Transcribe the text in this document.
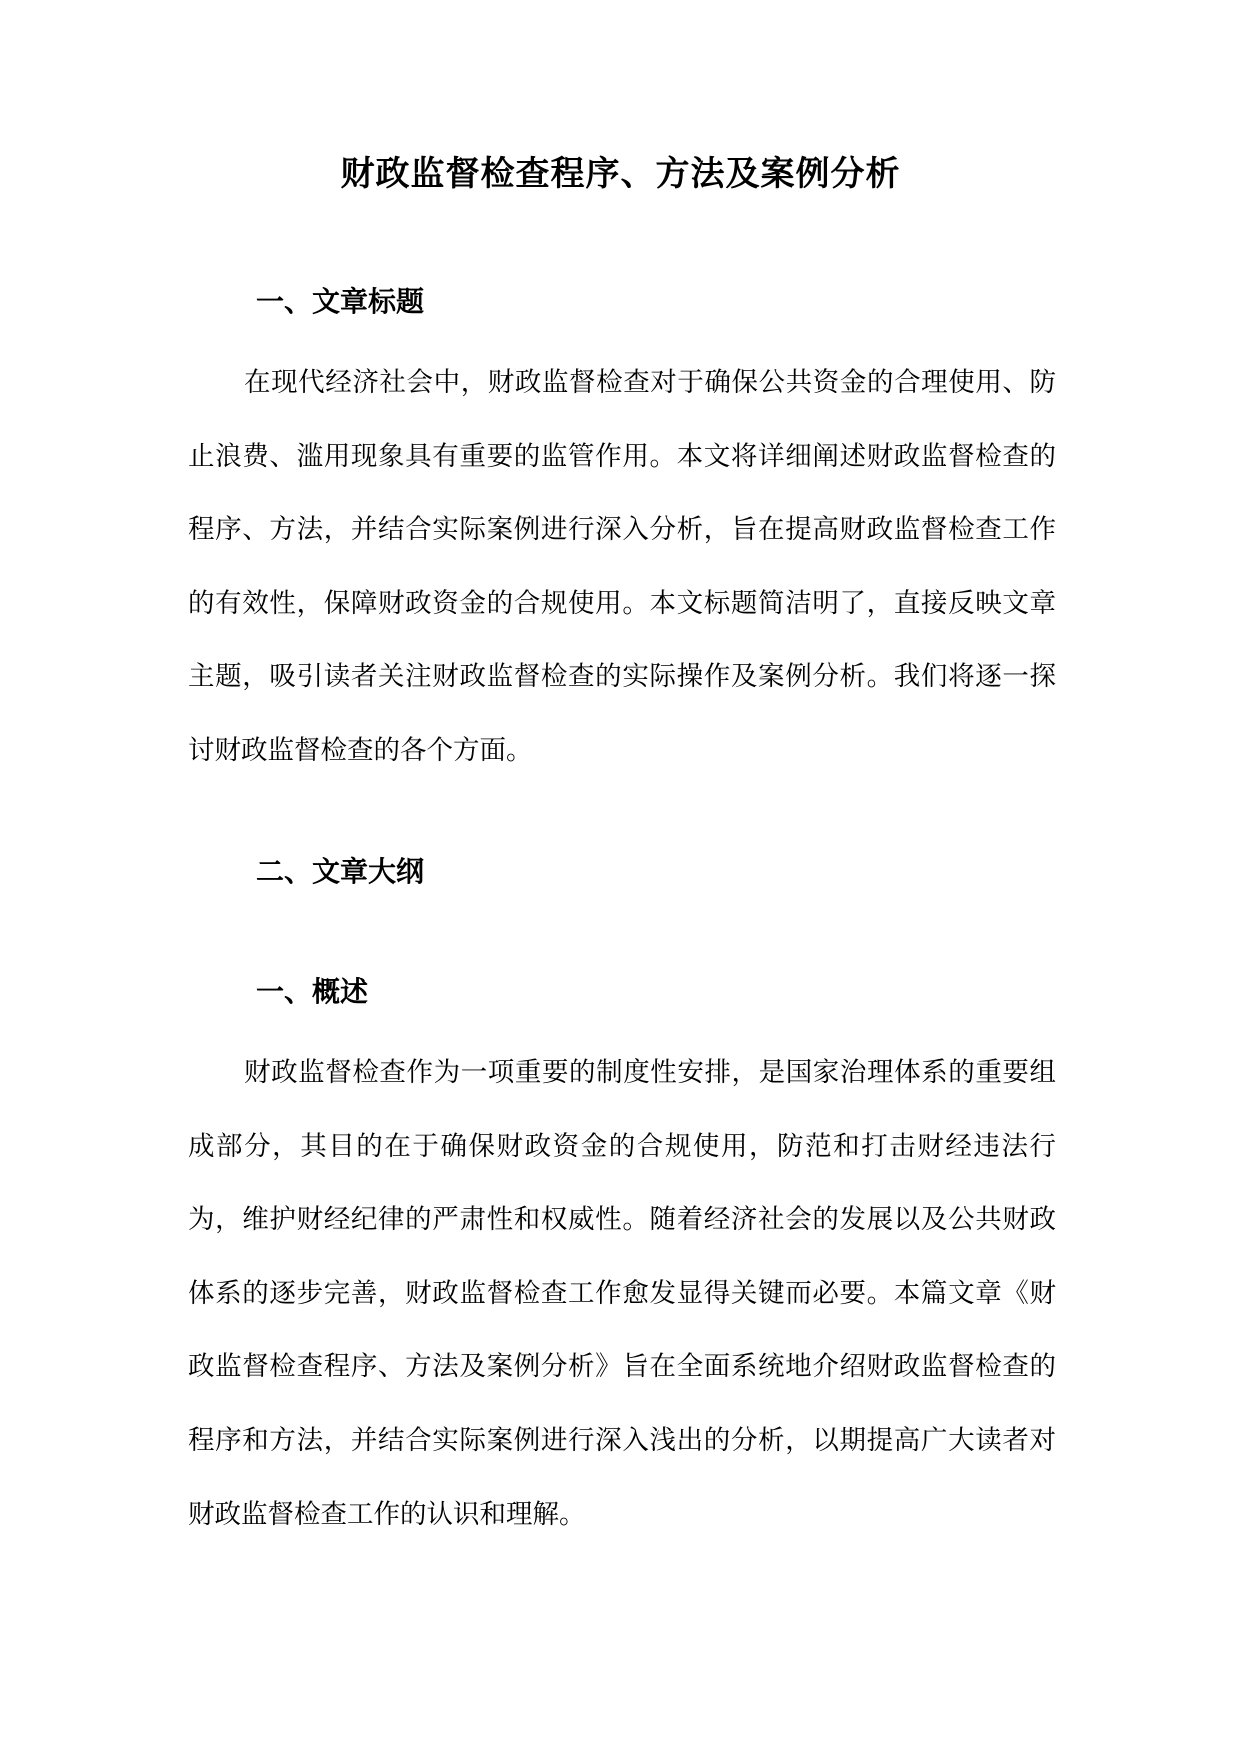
财政监督检查程序、方法及案例分析
一、文章标题

在现代经济社会中，财政监督检查对于确保公共资金的合理使用、防止浪费、滥用现象具有重要的监管作用。本文将详细阐述财政监督检查的程序、方法，并结合实际案例进行深入分析，旨在提高财政监督检查工作的有效性，保障财政资金的合规使用。本文标题简洁明了，直接反映文章主题，吸引读者关注财政监督检查的实际操作及案例分析。我们将逐一探讨财政监督检查的各个方面。

二、文章大纲
一、概述

财政监督检查作为一项重要的制度性安排，是国家治理体系的重要组成部分，其目的在于确保财政资金的合规使用，防范和打击财经违法行为，维护财经纪律的严肃性和权威性。随着经济社会的发展以及公共财政体系的逐步完善，财政监督检查工作愈发显得关键而必要。本篇文章《财政监督检查程序、方法及案例分析》旨在全面系统地介绍财政监督检查的程序和方法，并结合实际案例进行深入浅出的分析，以期提高广大读者对财政监督检查工作的认识和理解。
